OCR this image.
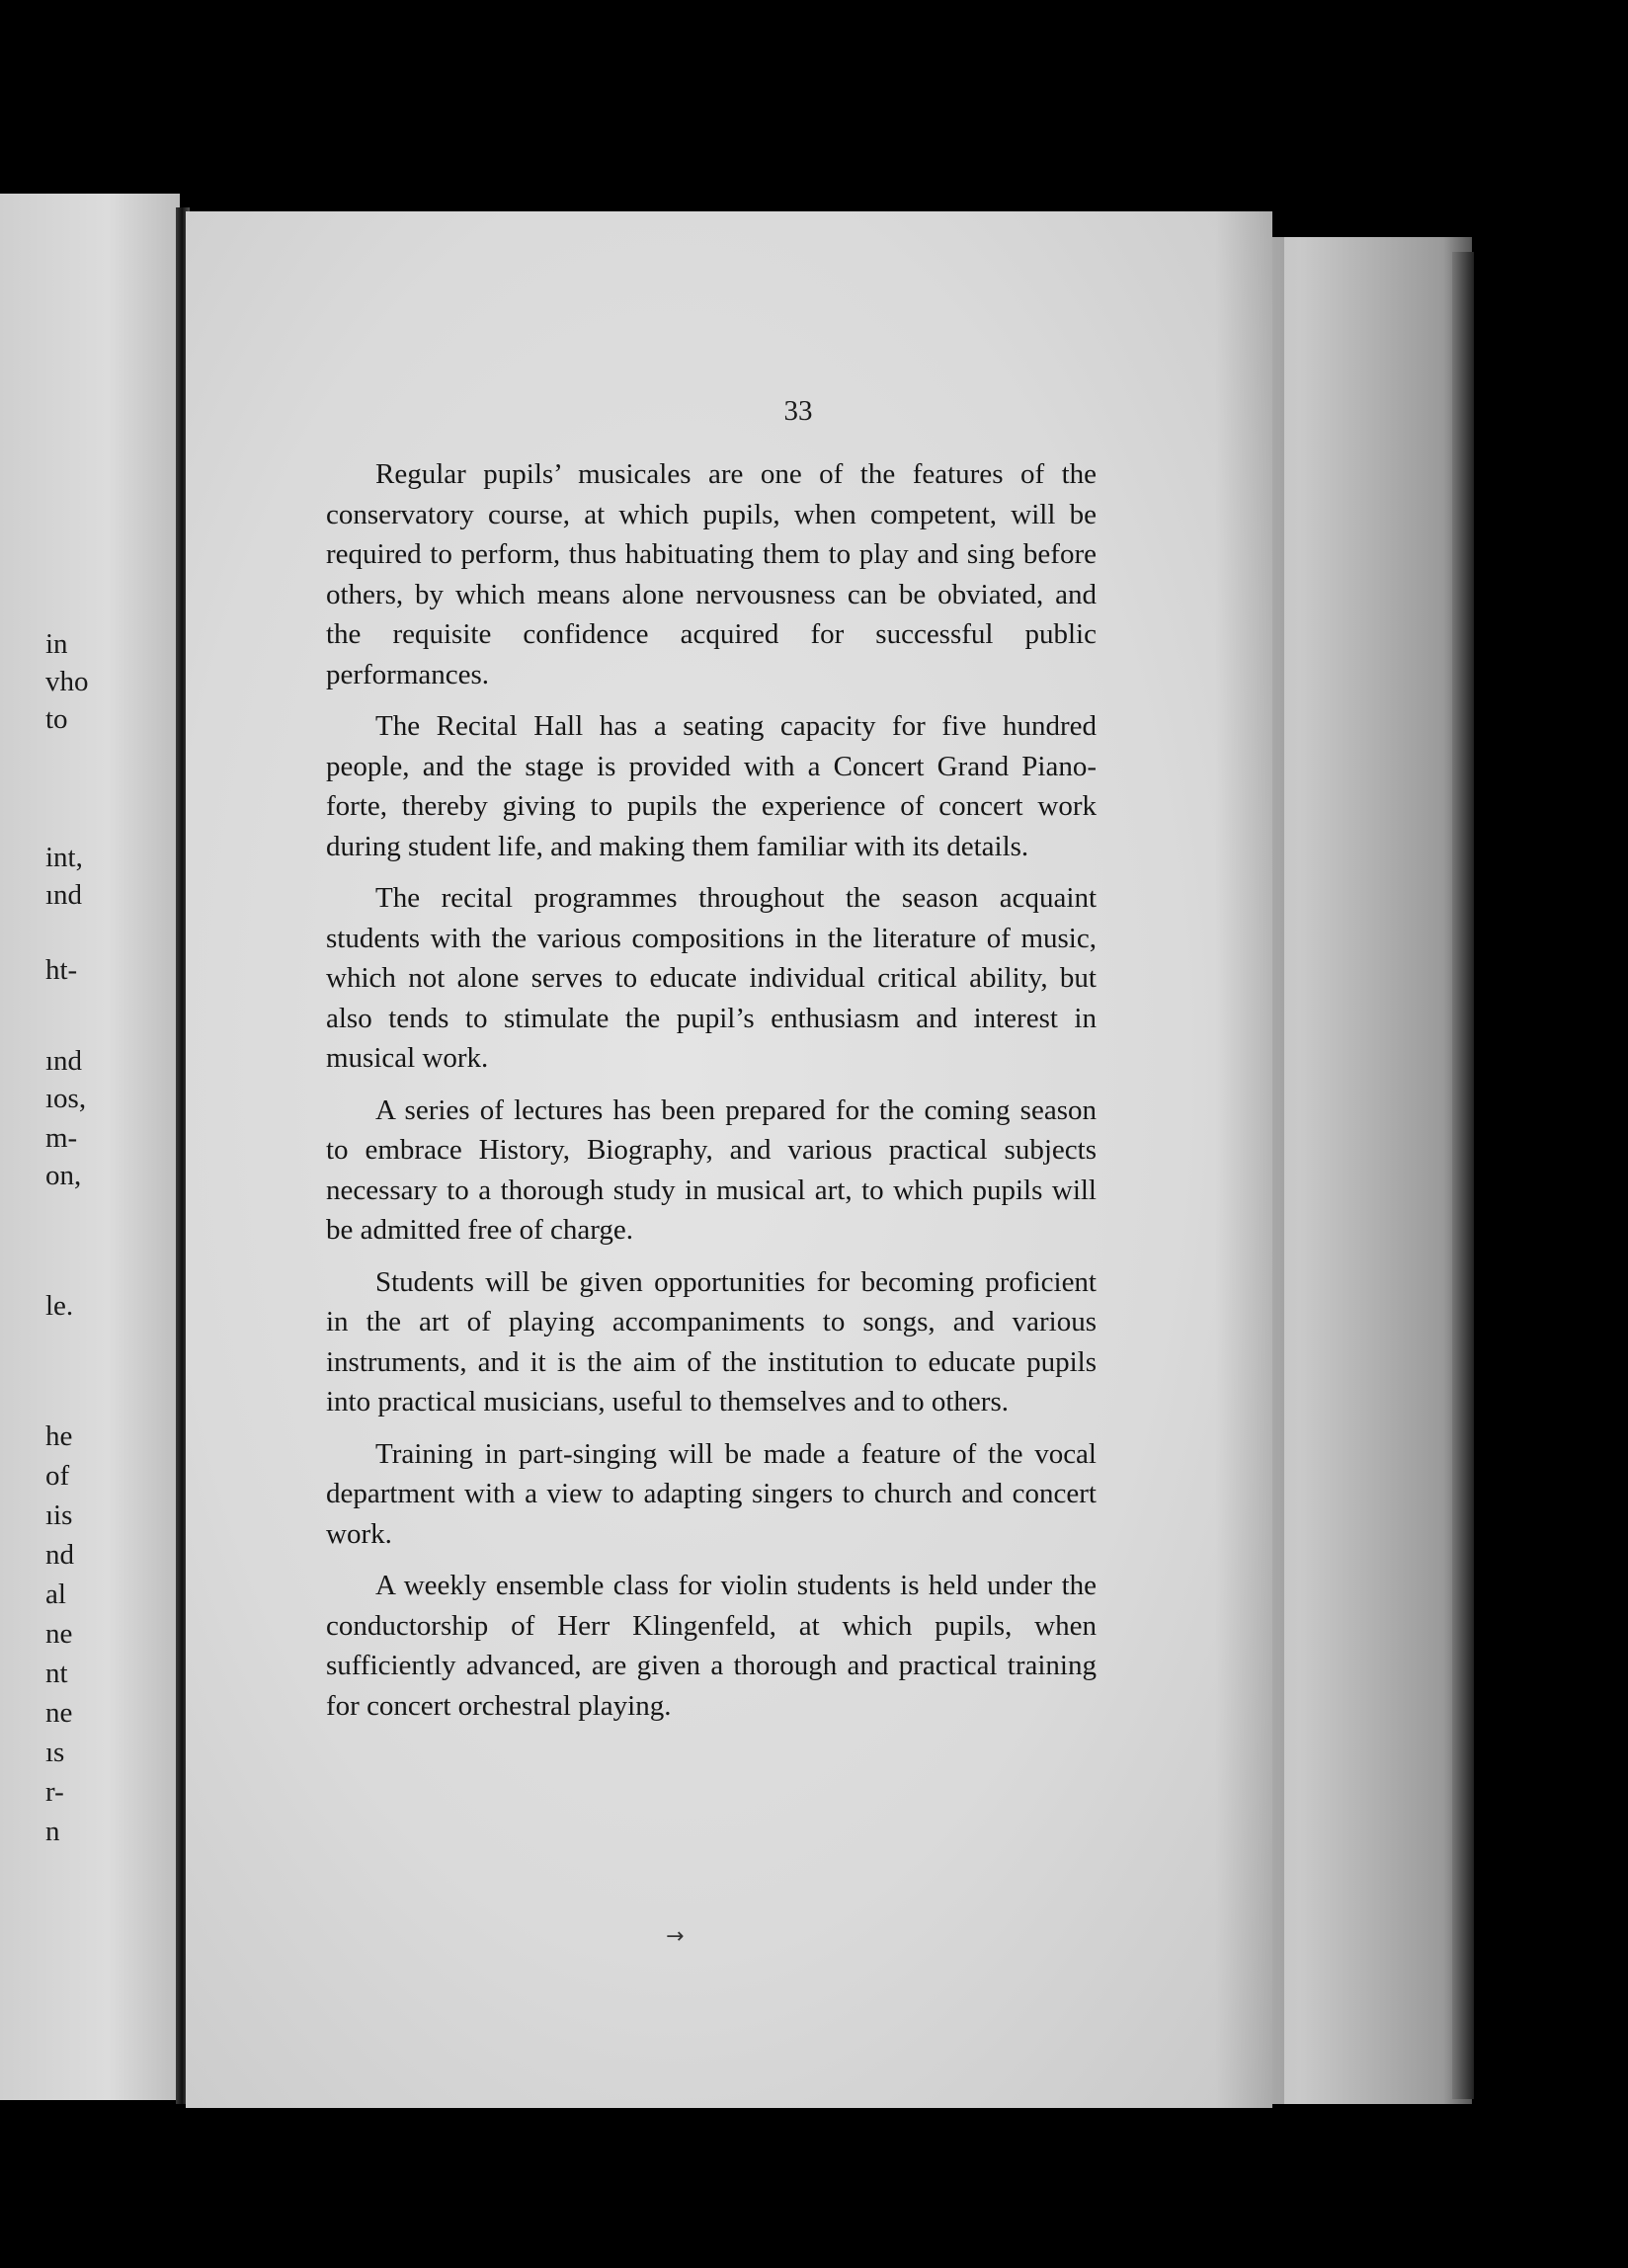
in
vho
to
int,
ınd
ht-
ınd
ıos,
m-
on,
le.
he
of
ıis
nd
al
ne
nt
ne
ıs
r-
n
33

Regular pupils’ musicales are one of the features of the conservatory course, at which pupils, when competent, will be required to perform, thus habituating them to play and sing before others, by which means alone nervousness can be obviated, and the requisite confidence acquired for successful public performances.

The Recital Hall has a seating capacity for five hundred people, and the stage is provided with a Concert Grand Piano-forte, thereby giving to pupils the experience of concert work during student life, and making them familiar with its details.

The recital programmes throughout the season acquaint students with the various compositions in the literature of music, which not alone serves to educate individual critical ability, but also tends to stimulate the pupil’s enthusiasm and interest in musical work.

A series of lectures has been prepared for the coming season to embrace History, Biography, and various practical subjects necessary to a thorough study in musical art, to which pupils will be admitted free of charge.

Students will be given opportunities for becoming proficient in the art of playing accompaniments to songs, and various instruments, and it is the aim of the institution to educate pupils into practical musicians, useful to themselves and to others.

Training in part-singing will be made a feature of the vocal department with a view to adapting singers to church and concert work.

A weekly ensemble class for violin students is held under the conductorship of Herr Klingenfeld, at which pupils, when sufficiently advanced, are given a thorough and practical training for concert orchestral playing.

→
